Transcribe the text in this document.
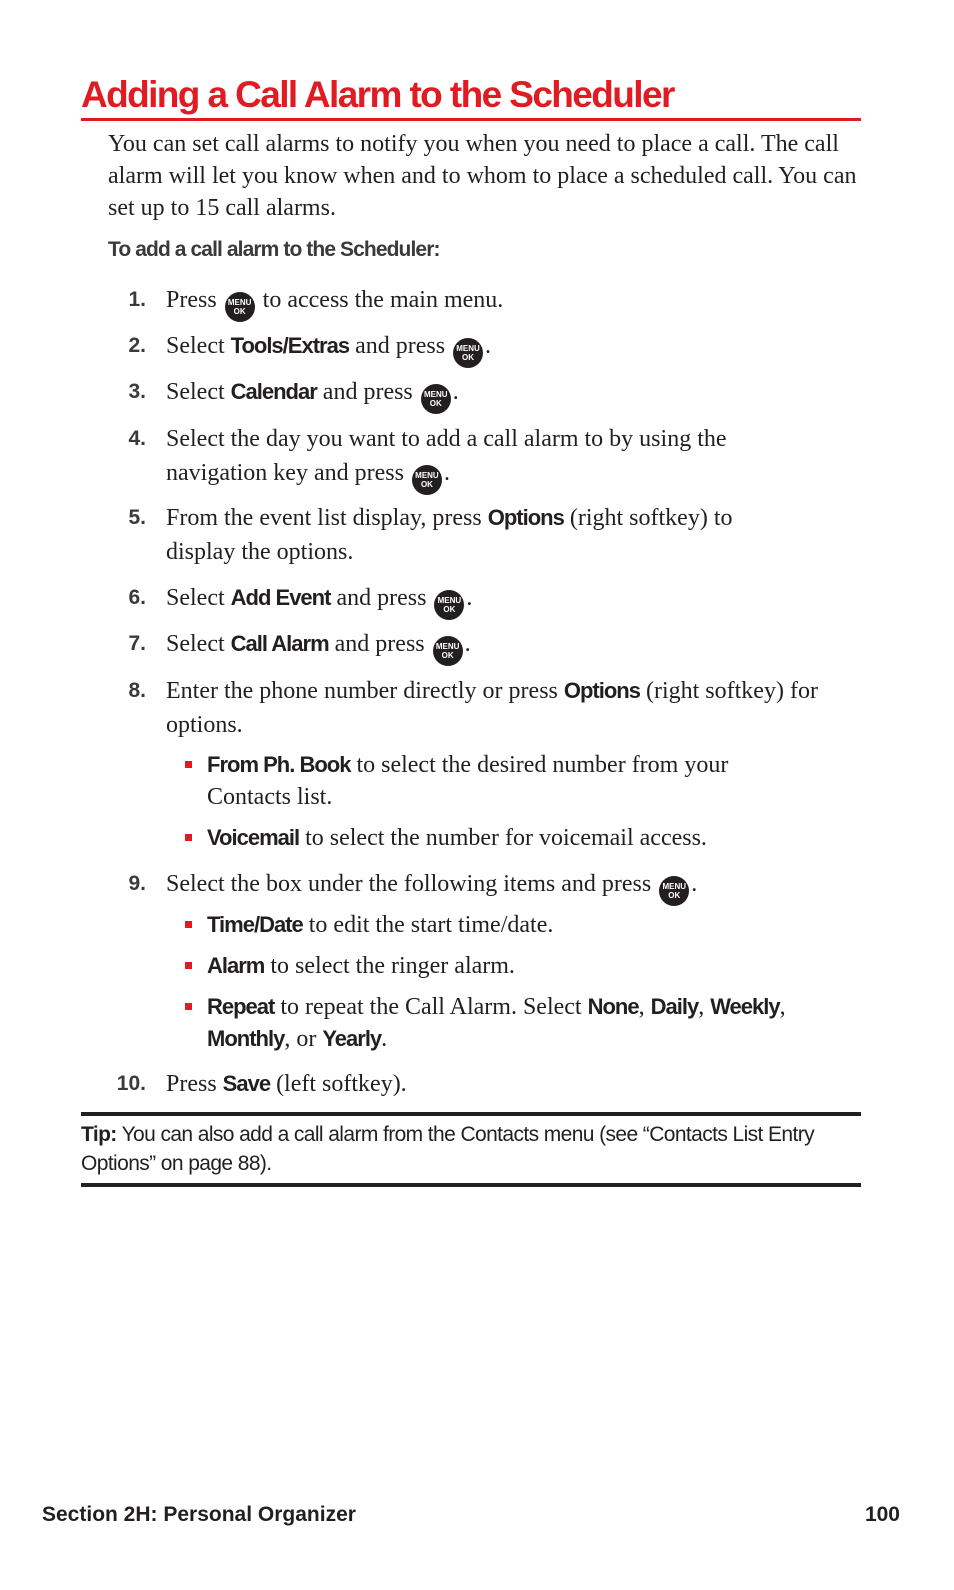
Adding a Call Alarm to the Scheduler

You can set call alarms to notify you when you need to place a call. The call alarm will let you know when and to whom to place a scheduled call. You can set up to 15 call alarms.

To add a call alarm to the Scheduler:

1. Press MENU
OK to access the main menu.

2. Select Tools/Extras and press MENU
OK .

3. Select Calendar and press MENU
OK .

4. Select the day you want to add a call alarm to by using the navigation key and press MENU
OK .

5. From the event list display, press Options (right softkey) to display the options.

6. Select Add Event and press MENU
OK .

7. Select Call Alarm and press MENU
OK .

8. Enter the phone number directly or press Options (right softkey) for options.

From Ph. Book to select the desired number from your Contacts list.

Voicemail to select the number for voicemail access.

9. Select the box under the following items and press MENU
OK .

Time/Date to edit the start time/date.

Alarm to select the ringer alarm.

Repeat to repeat the Call Alarm. Select None, Daily, Weekly, Monthly, or Yearly.

10. Press Save (left softkey).

Tip: You can also add a call alarm from the Contacts menu (see “Contacts List Entry Options” on page 88).

Section 2H: Personal Organizer	100
